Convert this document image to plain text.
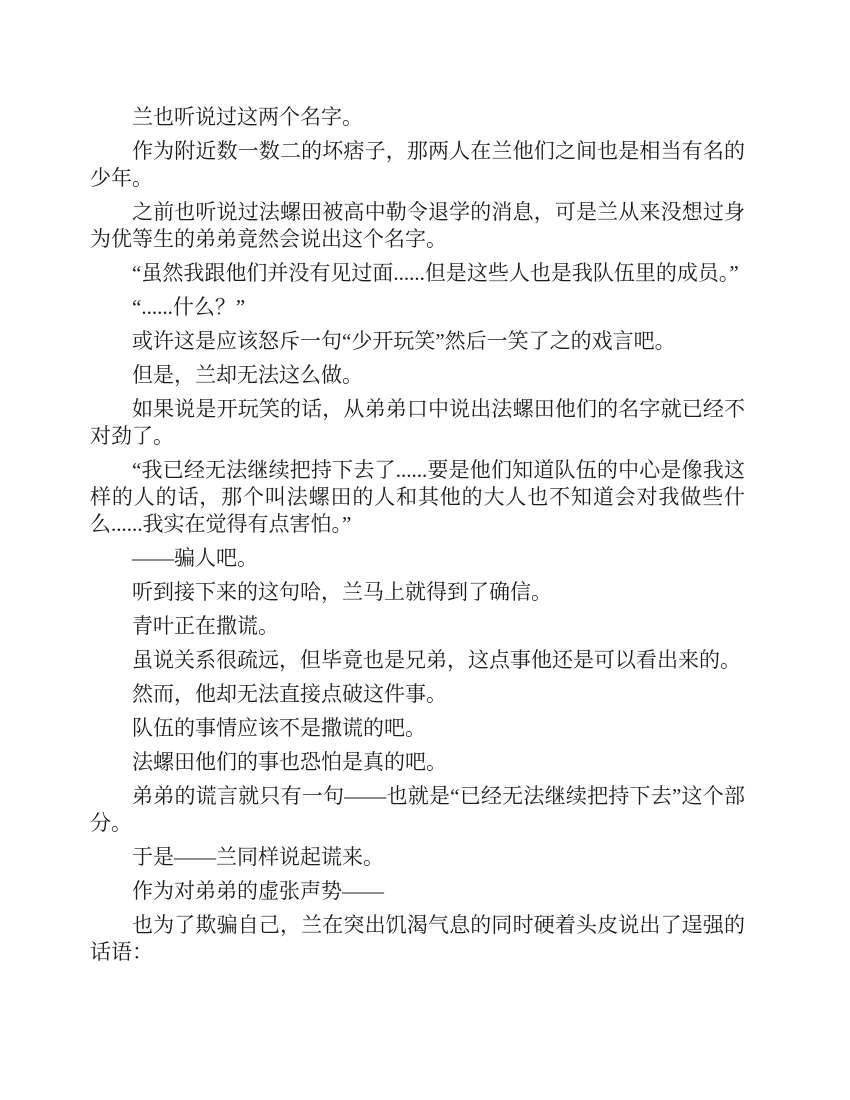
兰也听说过这两个名字。

作为附近数一数二的坏痞子，那两人在兰他们之间也是相当有名的少年。

之前也听说过法螺田被高中勒令退学的消息，可是兰从来没想过身为优等生的弟弟竟然会说出这个名字。

“虽然我跟他们并没有见过面......但是这些人也是我队伍里的成员。”

“......什么？”

或许这是应该怒斥一句“少开玩笑”然后一笑了之的戏言吧。

但是，兰却无法这么做。

如果说是开玩笑的话，从弟弟口中说出法螺田他们的名字就已经不对劲了。

“我已经无法继续把持下去了......要是他们知道队伍的中心是像我这样的人的话，那个叫法螺田的人和其他的大人也不知道会对我做些什么......我实在觉得有点害怕。”

——骗人吧。

听到接下来的这句哈，兰马上就得到了确信。

青叶正在撒谎。

虽说关系很疏远，但毕竟也是兄弟，这点事他还是可以看出来的。

然而，他却无法直接点破这件事。

队伍的事情应该不是撒谎的吧。

法螺田他们的事也恐怕是真的吧。

弟弟的谎言就只有一句——也就是“已经无法继续把持下去”这个部分。

于是——兰同样说起谎来。

作为对弟弟的虚张声势——

也为了欺骗自己，兰在突出饥渴气息的同时硬着头皮说出了逞强的话语：
